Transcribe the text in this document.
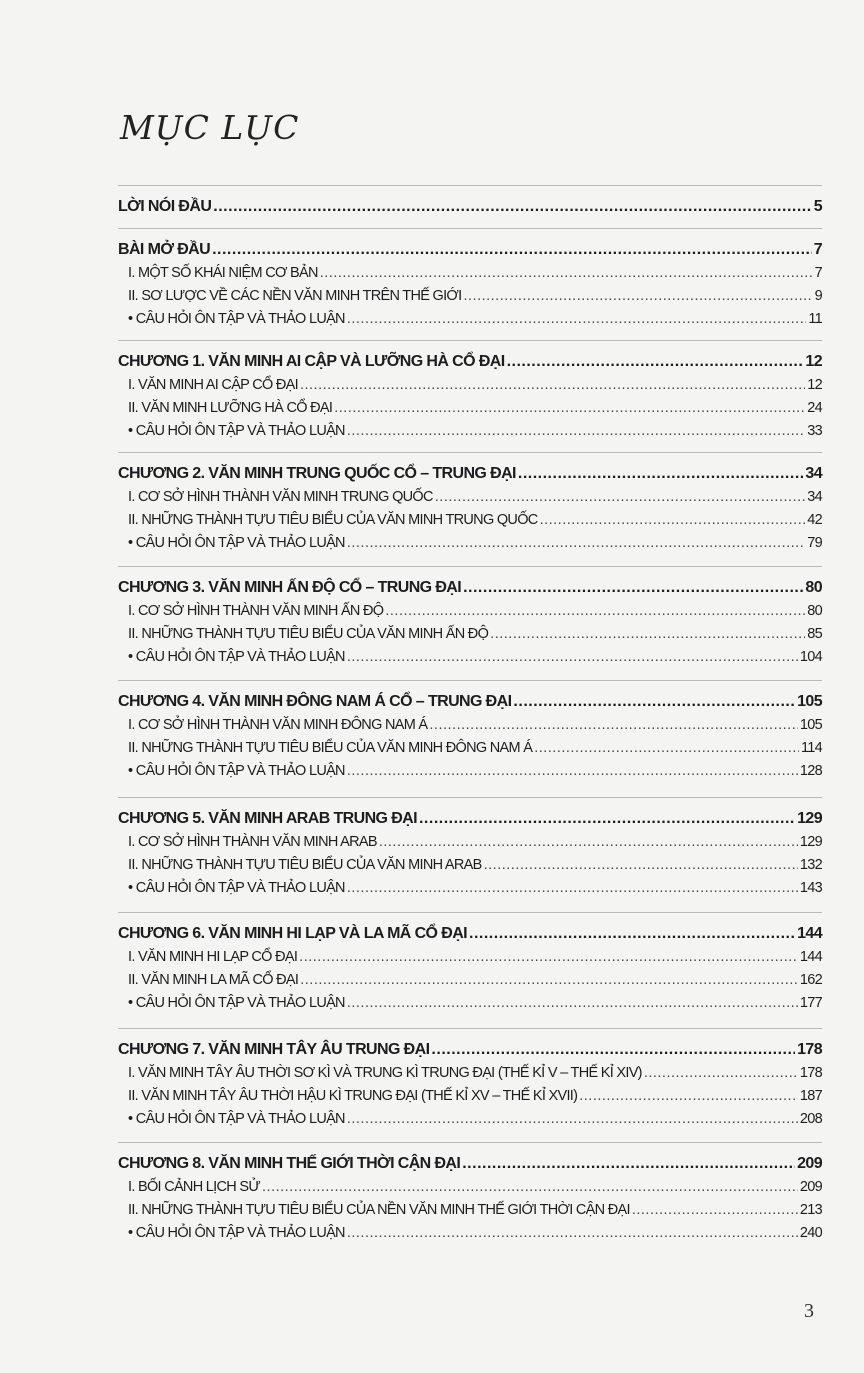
MỤC LỤC
LỜI NÓI ĐẦU .....	5
BÀI MỞ ĐẦU .....	7
I. MỘT SỐ KHÁI NIỆM CƠ BẢN .....	7
II. SƠ LƯỢC VỀ CÁC NỀN VĂN MINH TRÊN THẾ GIỚI .....	9
• CÂU HỎI ÔN TẬP VÀ THẢO LUẬN .....	11
CHƯƠNG 1. VĂN MINH AI CẬP VÀ LƯỠNG HÀ CỔ ĐẠI .....	12
I. VĂN MINH AI CẬP CỔ ĐẠI .....	12
II. VĂN MINH LƯỠNG HÀ CỔ ĐẠI .....	24
• CÂU HỎI ÔN TẬP VÀ THẢO LUẬN .....	33
CHƯƠNG 2. VĂN MINH TRUNG QUỐC CỔ – TRUNG ĐẠI .....	34
I. CƠ SỞ HÌNH THÀNH VĂN MINH TRUNG QUỐC .....	34
II. NHỮNG THÀNH TỰU TIÊU BIỂU CỦA VĂN MINH TRUNG QUỐC .....	42
• CÂU HỎI ÔN TẬP VÀ THẢO LUẬN .....	79
CHƯƠNG 3. VĂN MINH ẤN ĐỘ CỔ – TRUNG ĐẠI .....	80
I. CƠ SỞ HÌNH THÀNH VĂN MINH ẤN ĐỘ .....	80
II. NHỮNG THÀNH TỰU TIÊU BIỂU CỦA VĂN MINH ẤN ĐỘ .....	85
• CÂU HỎI ÔN TẬP VÀ THẢO LUẬN .....	104
CHƯƠNG 4. VĂN MINH ĐÔNG NAM Á CỔ – TRUNG ĐẠI .....	105
I. CƠ SỞ HÌNH THÀNH VĂN MINH ĐÔNG NAM Á .....	105
II. NHỮNG THÀNH TỰU TIÊU BIỂU CỦA VĂN MINH ĐÔNG NAM Á .....	114
• CÂU HỎI ÔN TẬP VÀ THẢO LUẬN .....	128
CHƯƠNG 5. VĂN MINH ARAB TRUNG ĐẠI .....	129
I. CƠ SỞ HÌNH THÀNH VĂN MINH ARAB .....	129
II. NHỮNG THÀNH TỰU TIÊU BIỂU CỦA VĂN MINH ARAB .....	132
• CÂU HỎI ÔN TẬP VÀ THẢO LUẬN .....	143
CHƯƠNG 6. VĂN MINH HI LẠP VÀ LA MÃ CỔ ĐẠI .....	144
I. VĂN MINH HI LẠP CỔ ĐẠI .....	144
II. VĂN MINH LA MÃ CỔ ĐẠI .....	162
• CÂU HỎI ÔN TẬP VÀ THẢO LUẬN .....	177
CHƯƠNG 7. VĂN MINH TÂY ÂU TRUNG ĐẠI .....	178
I. VĂN MINH TÂY ÂU THỜI SƠ KÌ VÀ TRUNG KÌ TRUNG ĐẠI (THẾ KỈ V – THẾ KỈ XIV) .....	178
II. VĂN MINH TÂY ÂU THỜI HẬU KÌ TRUNG ĐẠI (THẾ KỈ XV – THẾ KỈ XVII) .....	187
• CÂU HỎI ÔN TẬP VÀ THẢO LUẬN .....	208
CHƯƠNG 8. VĂN MINH THẾ GIỚI THỜI CẬN ĐẠI .....	209
I. BỐI CẢNH LỊCH SỬ .....	209
II. NHỮNG THÀNH TỰU TIÊU BIỂU CỦA NỀN VĂN MINH THẾ GIỚI THỜI CẬN ĐẠI .....	213
• CÂU HỎI ÔN TẬP VÀ THẢO LUẬN .....	240
3
